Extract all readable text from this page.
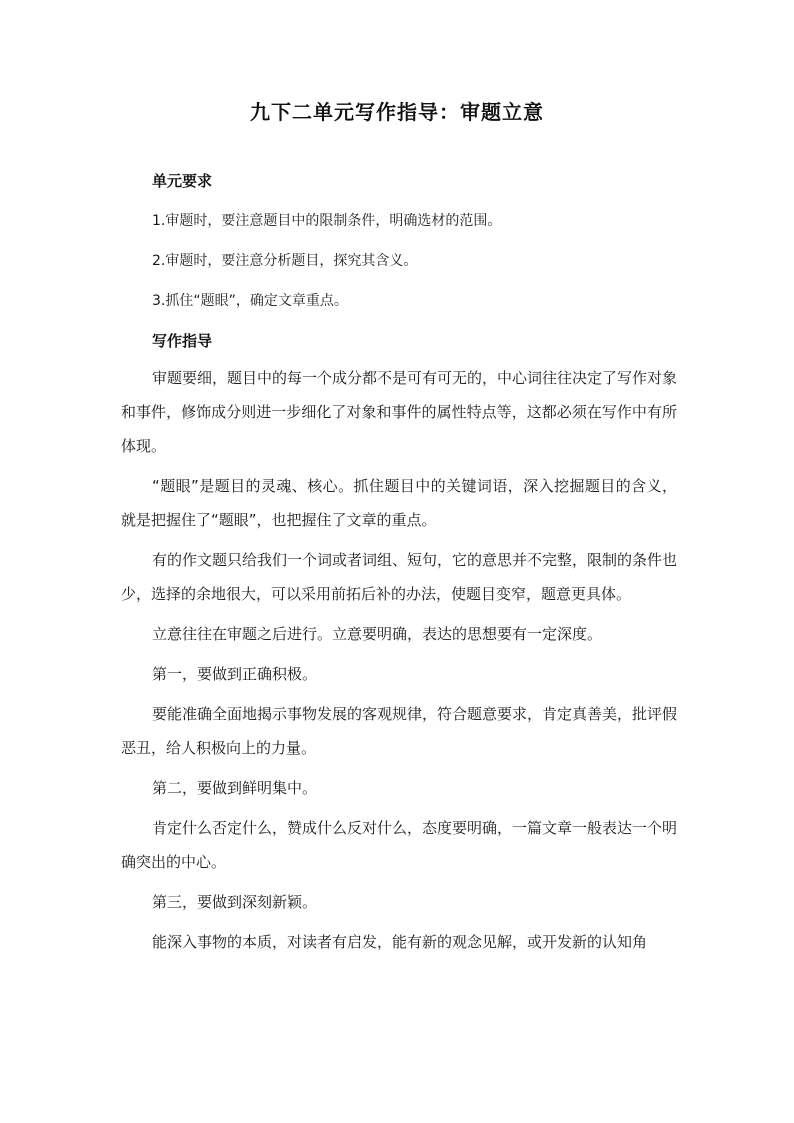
九下二单元写作指导：审题立意
单元要求
1.审题时，要注意题目中的限制条件，明确选材的范围。
2.审题时，要注意分析题目，探究其含义。
3.抓住“题眼”，确定文章重点。
写作指导

审题要细，题目中的每一个成分都不是可有可无的，中心词往往决定了写作对象和事件，修饰成分则进一步细化了对象和事件的属性特点等，这都必须在写作中有所体现。

“题眼”是题目的灵魂、核心。抓住题目中的关键词语，深入挖掘题目的含义，就是把握住了“题眼”，也把握住了文章的重点。

有的作文题只给我们一个词或者词组、短句，它的意思并不完整，限制的条件也少，选择的余地很大，可以采用前拓后补的办法，使题目变窄，题意更具体。

立意往往在审题之后进行。立意要明确，表达的思想要有一定深度。

第一，要做到正确积极。

要能准确全面地揭示事物发展的客观规律，符合题意要求，肯定真善美，批评假恶丑，给人积极向上的力量。

第二，要做到鲜明集中。

肯定什么否定什么，赞成什么反对什么，态度要明确，一篇文章一般表达一个明确突出的中心。

第三，要做到深刻新颖。

能深入事物的本质，对读者有启发，能有新的观念见解，或开发新的认知角
